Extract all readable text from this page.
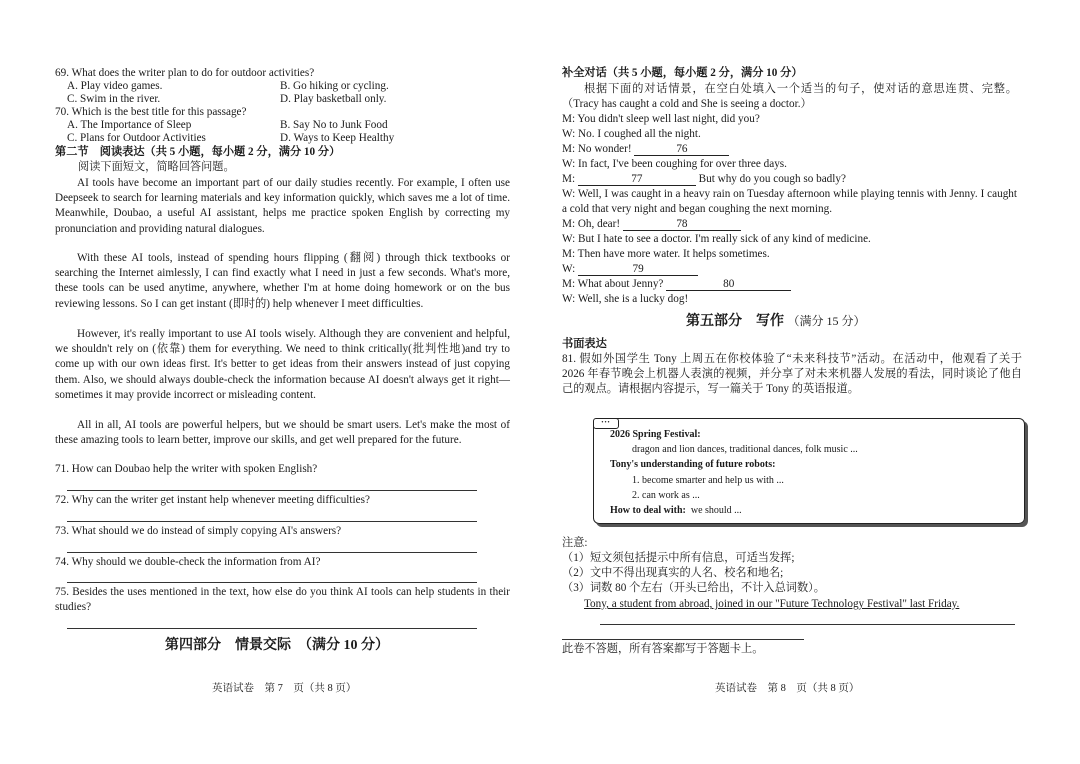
69. What does the writer plan to do for outdoor activities?
A. Play video games.	B. Go hiking or cycling.
C. Swim in the river.	D. Play basketball only.
70. Which is the best title for this passage?
A. The Importance of Sleep	B. Say No to Junk Food
C. Plans for Outdoor Activities	D. Ways to Keep Healthy
第二节　阅读表达（共 5 小题，每小题 2 分，满分 10 分）
阅读下面短文，简略回答问题。
AI tools have become an important part of our daily studies recently. For example, I often use Deepseek to search for learning materials and key information quickly, which saves me a lot of time. Meanwhile, Doubao, a useful AI assistant, helps me practice spoken English by correcting my pronunciation and providing natural dialogues.
With these AI tools, instead of spending hours flipping (翻阅) through thick textbooks or searching the Internet aimlessly, I can find exactly what I need in just a few seconds. What's more, these tools can be used anytime, anywhere, whether I'm at home doing homework or on the bus reviewing lessons. So I can get instant (即时的) help whenever I meet difficulties.
However, it's really important to use AI tools wisely. Although they are convenient and helpful, we shouldn't rely on (依靠) them for everything. We need to think critically(批判性地)and try to come up with our own ideas first. It's better to get ideas from their answers instead of just copying them. Also, we should always double-check the information because AI doesn't always get it right—sometimes it may provide incorrect or misleading content.
All in all, AI tools are powerful helpers, but we should be smart users. Let's make the most of these amazing tools to learn better, improve our skills, and get well prepared for the future.
71. How can Doubao help the writer with spoken English?
72. Why can the writer get instant help whenever meeting difficulties?
73. What should we do instead of simply copying AI's answers?
74. Why should we double-check the information from AI?
75. Besides the uses mentioned in the text, how else do you think AI tools can help students in their studies?
第四部分　情景交际　（满分 10 分）
英语试卷　第 7　页（共 8 页）
补全对话（共 5 小题，每小题 2 分，满分 10 分）
根据下面的对话情景，在空白处填入一个适当的句子，使对话的意思连贯、完整。（Tracy has caught a cold and She is seeing a doctor.）
M: You didn't sleep well last night, did you?
W: No. I coughed all the night.
M: No wonder!	76
W: In fact, I've been coughing for over three days.
M:	77	But why do you cough so badly?
W: Well, I was caught in a heavy rain on Tuesday afternoon while playing tennis with Jenny. I caught a cold that very night and began coughing the next morning.
M: Oh, dear!	78
W: But I hate to see a doctor. I'm really sick of any kind of medicine.
M: Then have more water. It helps sometimes.
W:	79
M: What about Jenny?	80
W: Well, she is a lucky dog!
第五部分　写作 （满分 15 分）
书面表达
81. 假如外国学生 Tony 上周五在你校体验了“未来科技节”活动。在活动中，他观看了关于 2026 年春节晚会上机器人表演的视频，并分享了对未来机器人发展的看法，同时谈论了他自己的观点。请根据内容提示，写一篇关于 Tony 的英语报道。
•••
2026 Spring Festival:
dragon and lion dances, traditional dances, folk music ...
Tony's understanding of future robots:
1. become smarter and help us with ...
2. can work as ...
How to deal with: we should ...
注意:
（1）短文须包括提示中所有信息，可适当发挥;
（2）文中不得出现真实的人名、校名和地名;
（3）词数 80 个左右（开头已给出，不计入总词数）。
Tony, a student from abroad, joined in our "Future Technology Festival" last Friday.
此卷不答题，所有答案都写于答题卡上。
英语试卷　第 8　页（共 8 页）
